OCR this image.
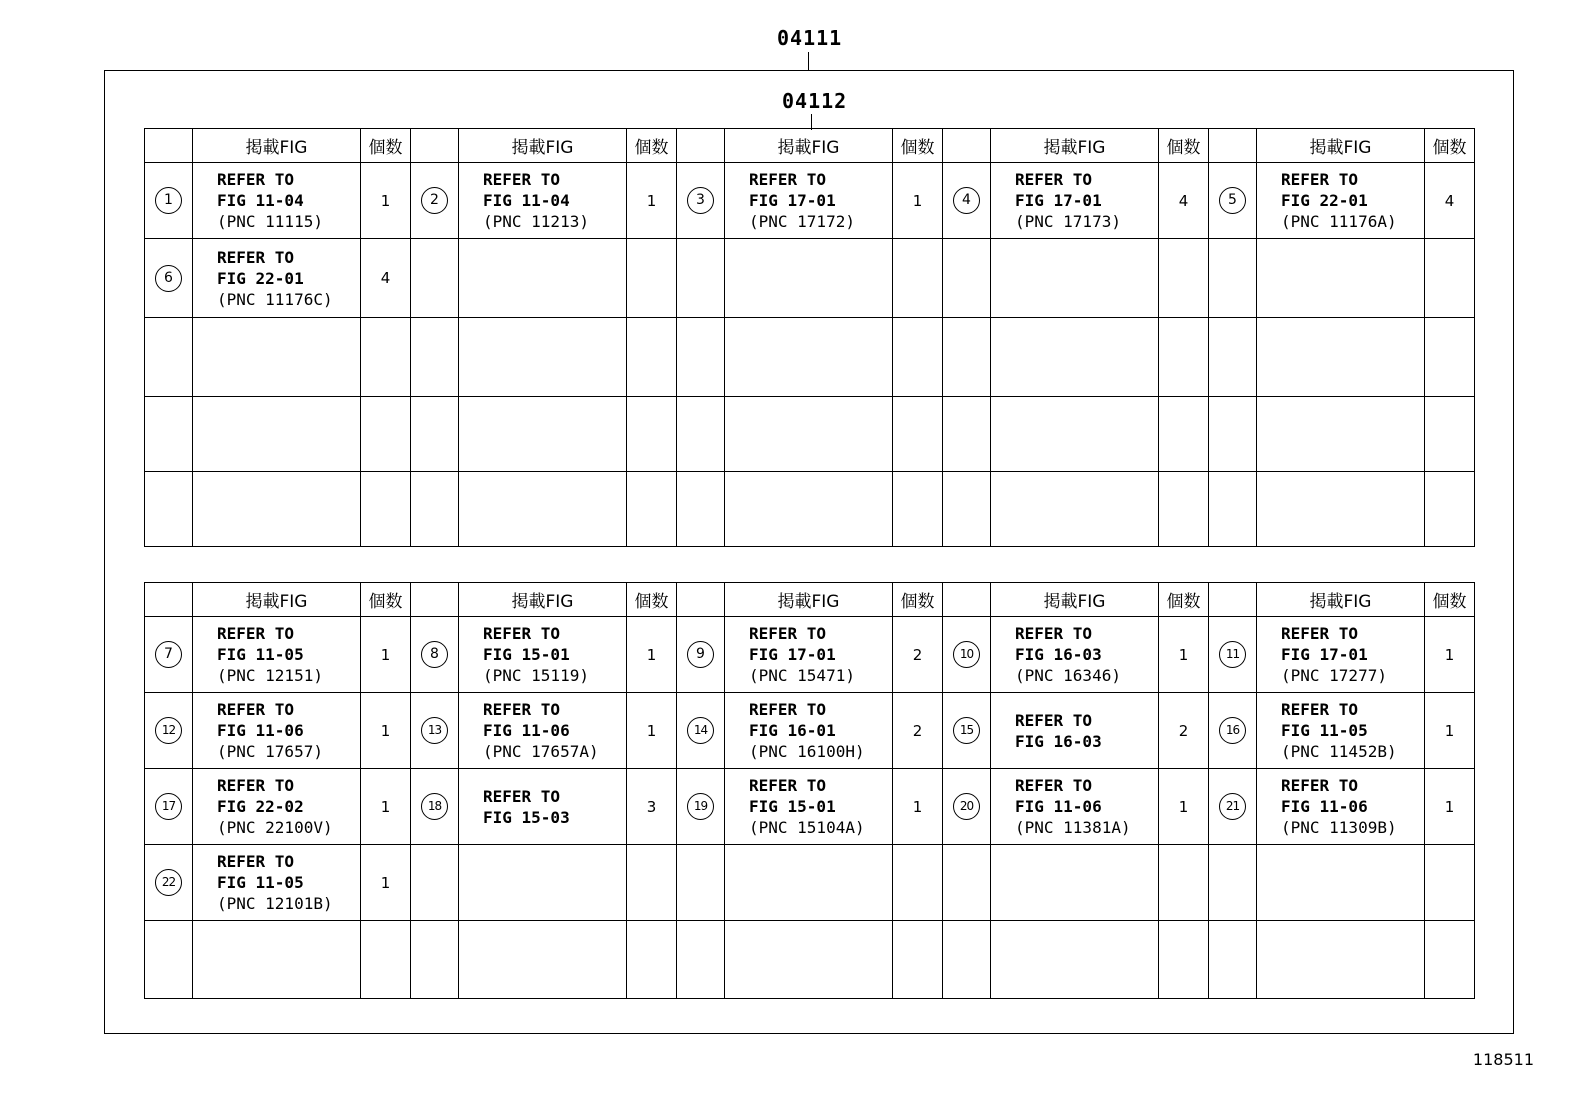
04111
04112
	掲載FIG	個数		掲載FIG	個数		掲載FIG	個数		掲載FIG	個数		掲載FIG	個数
1	REFER TO
FIG 11-04
(PNC 11115)	1	2	REFER TO
FIG 11-04
(PNC 11213)	1	3	REFER TO
FIG 17-01
(PNC 17172)	1	4	REFER TO
FIG 17-01
(PNC 17173)	4	5	REFER TO
FIG 22-01
(PNC 11176A)	4
6	REFER TO
FIG 22-01
(PNC 11176C)	4												

	掲載FIG	個数		掲載FIG	個数		掲載FIG	個数		掲載FIG	個数		掲載FIG	個数
7	REFER TO
FIG 11-05
(PNC 12151)	1	8	REFER TO
FIG 15-01
(PNC 15119)	1	9	REFER TO
FIG 17-01
(PNC 15471)	2	10	REFER TO
FIG 16-03
(PNC 16346)	1	11	REFER TO
FIG 17-01
(PNC 17277)	1
12	REFER TO
FIG 11-06
(PNC 17657)	1	13	REFER TO
FIG 11-06
(PNC 17657A)	1	14	REFER TO
FIG 16-01
(PNC 16100H)	2	15	REFER TO
FIG 16-03	2	16	REFER TO
FIG 11-05
(PNC 11452B)	1
17	REFER TO
FIG 22-02
(PNC 22100V)	1	18	REFER TO
FIG 15-03	3	19	REFER TO
FIG 15-01
(PNC 15104A)	1	20	REFER TO
FIG 11-06
(PNC 11381A)	1	21	REFER TO
FIG 11-06
(PNC 11309B)	1
22	REFER TO
FIG 11-05
(PNC 12101B)	1												

118511
